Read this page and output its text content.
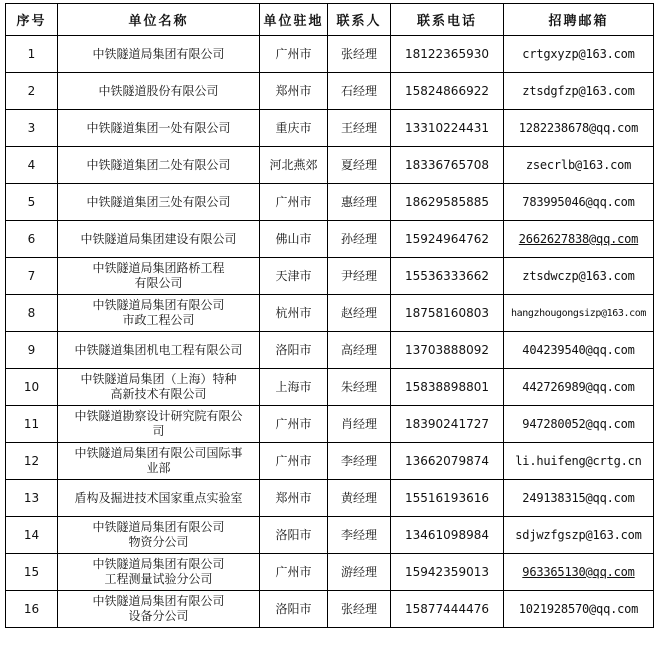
序号	单位名称	单位驻地	联系人	联系电话	招聘邮箱
1	中铁隧道局集团有限公司	广州市	张经理	18122365930	crtgxyzp@163.com
2	中铁隧道股份有限公司	郑州市	石经理	15824866922	ztsdgfzp@163.com
3	中铁隧道集团一处有限公司	重庆市	王经理	13310224431	1282238678@qq.com
4	中铁隧道集团二处有限公司	河北燕郊	夏经理	18336765708	zsecrlb@163.com
5	中铁隧道集团三处有限公司	广州市	惠经理	18629585885	783995046@qq.com
6	中铁隧道局集团建设有限公司	佛山市	孙经理	15924964762	2662627838@qq.com
7	中铁隧道局集团路桥工程
有限公司	天津市	尹经理	15536333662	ztsdwczp@163.com
8	中铁隧道局集团有限公司
市政工程公司	杭州市	赵经理	18758160803	hangzhougongsizp@163.com
9	中铁隧道集团机电工程有限公司	洛阳市	高经理	13703888092	404239540@qq.com
10	中铁隧道局集团（上海）特种
高新技术有限公司	上海市	朱经理	15838898801	442726989@qq.com
11	中铁隧道勘察设计研究院有限公
司	广州市	肖经理	18390241727	947280052@qq.com
12	中铁隧道局集团有限公司国际事
业部	广州市	李经理	13662079874	li.huifeng@crtg.cn
13	盾构及掘进技术国家重点实验室	郑州市	黄经理	15516193616	249138315@qq.com
14	中铁隧道局集团有限公司
物资分公司	洛阳市	李经理	13461098984	sdjwzfgszp@163.com
15	中铁隧道局集团有限公司
工程测量试验分公司	广州市	游经理	15942359013	963365130@qq.com
16	中铁隧道局集团有限公司
设备分公司	洛阳市	张经理	15877444476	1021928570@qq.com
